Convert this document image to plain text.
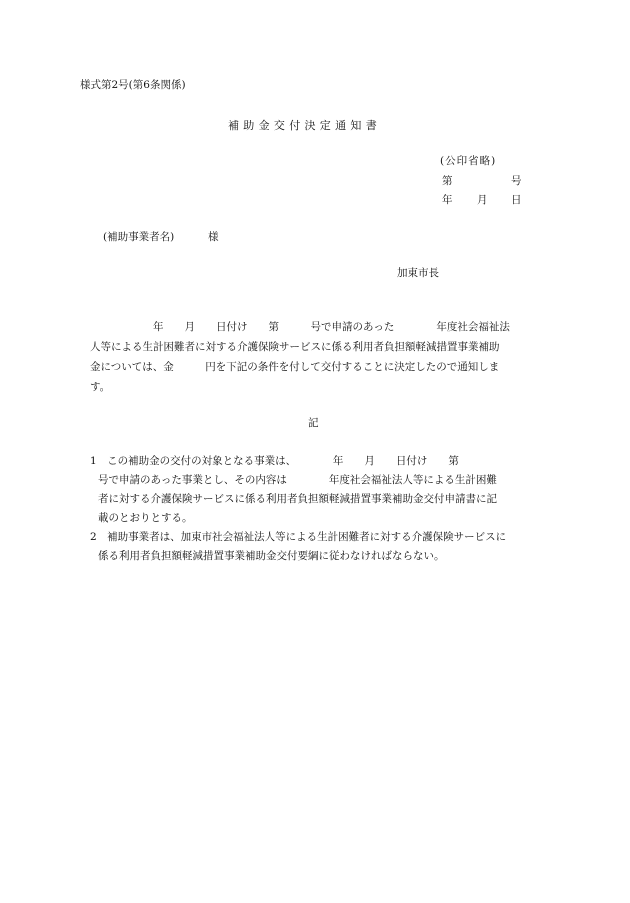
様式第2号(第6条関係)
補助金交付決定通知書
(公印省略)
第	号
年 月 日
(補助事業者名)	様
加東市長
　　　　　　年　　月　　日付け　　第　　　号で申請のあった　　　　年度社会福祉法
人等による生計困難者に対する介護保険サービスに係る利用者負担額軽減措置事業補助
金については、金　　　円を下記の条件を付して交付することに決定したので通知しま
す。
記
1　この補助金の交付の対象となる事業は、　　　　年　　月　　日付け　　第
号で申請のあった事業とし、その内容は　　　　年度社会福祉法人等による生計困難
者に対する介護保険サービスに係る利用者負担額軽減措置事業補助金交付申請書に記
載のとおりとする。
2　補助事業者は、加東市社会福祉法人等による生計困難者に対する介護保険サービスに
係る利用者負担額軽減措置事業補助金交付要綱に従わなければならない。
